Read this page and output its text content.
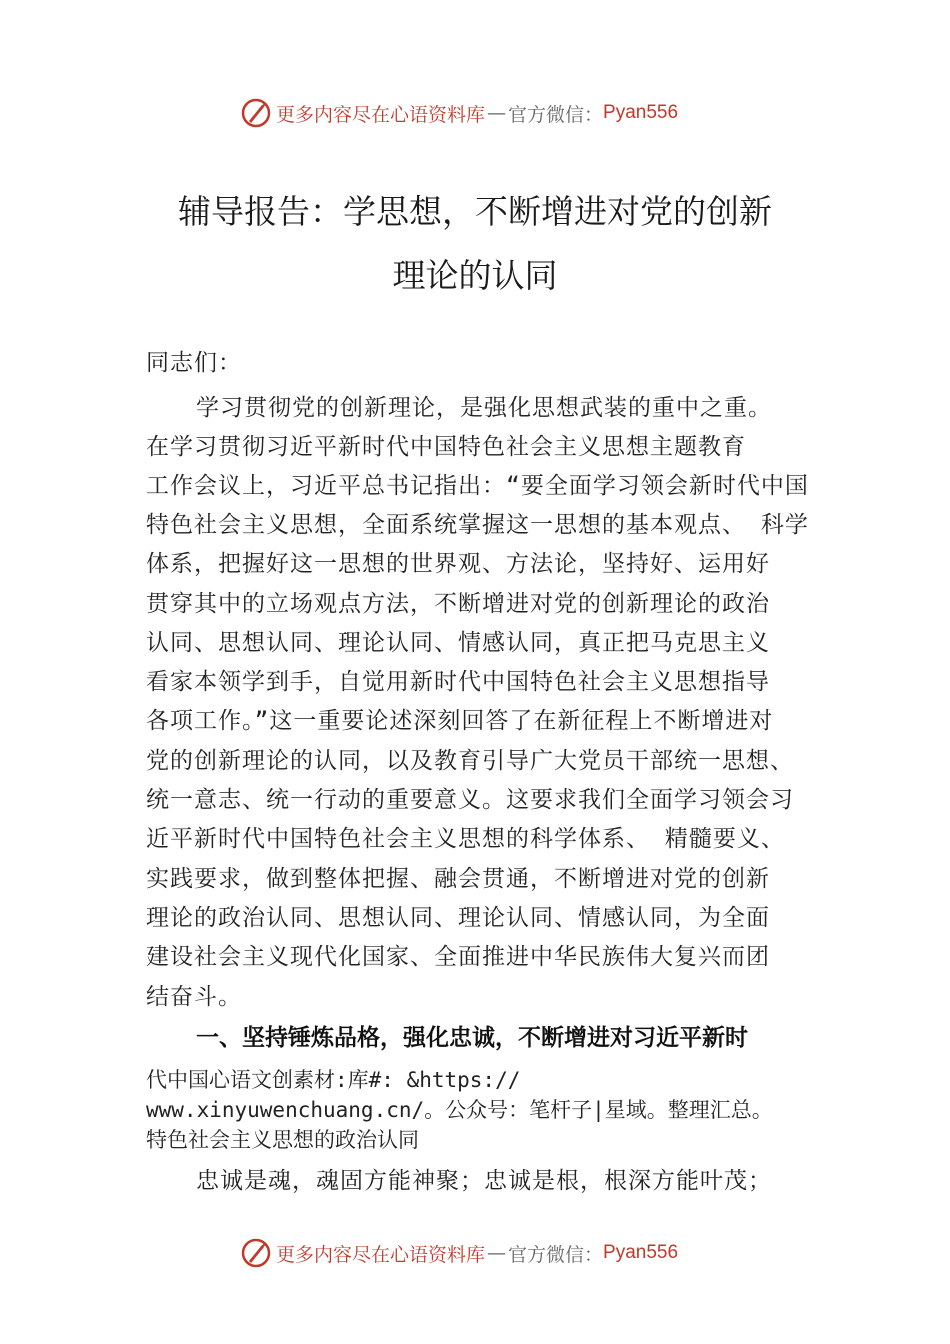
更多内容尽在心语资料库 — 官方微信： Pyan556
辅导报告：学思想，不断增进对党的创新
理论的认同
同志们：
学习贯彻党的创新理论，是强化思想武装的重中之重。
在学习贯彻习近平新时代中国特色社会主义思想主题教育
工作会议上，习近平总书记指出：“要全面学习领会新时代中国
特色社会主义思想，全面系统掌握这一思想的基本观点、 科学
体系，把握好这一思想的世界观、方法论，坚持好、运用好
贯穿其中的立场观点方法，不断增进对党的创新理论的政治
认同、思想认同、理论认同、情感认同，真正把马克思主义
看家本领学到手，自觉用新时代中国特色社会主义思想指导
各项工作。”这一重要论述深刻回答了在新征程上不断增进对
党的创新理论的认同，以及教育引导广大党员干部统一思想、
统一意志、统一行动的重要意义。这要求我们全面学习领会习
近平新时代中国特色社会主义思想的科学体系、 精髓要义、
实践要求，做到整体把握、融会贯通，不断增进对党的创新
理论的政治认同、思想认同、理论认同、情感认同，为全面
建设社会主义现代化国家、全面推进中华民族伟大复兴而团
结奋斗。
一、坚持锤炼品格，强化忠诚，不断增进对习近平新时
代中国心语文创素材:库#: &https://
www.xinyuwenchuang.cn/。公众号：笔杆子|星域。整理汇总。
特色社会主义思想的政治认同
忠诚是魂，魂固方能神聚；忠诚是根，根深方能叶茂；
更多内容尽在心语资料库 — 官方微信： Pyan556
